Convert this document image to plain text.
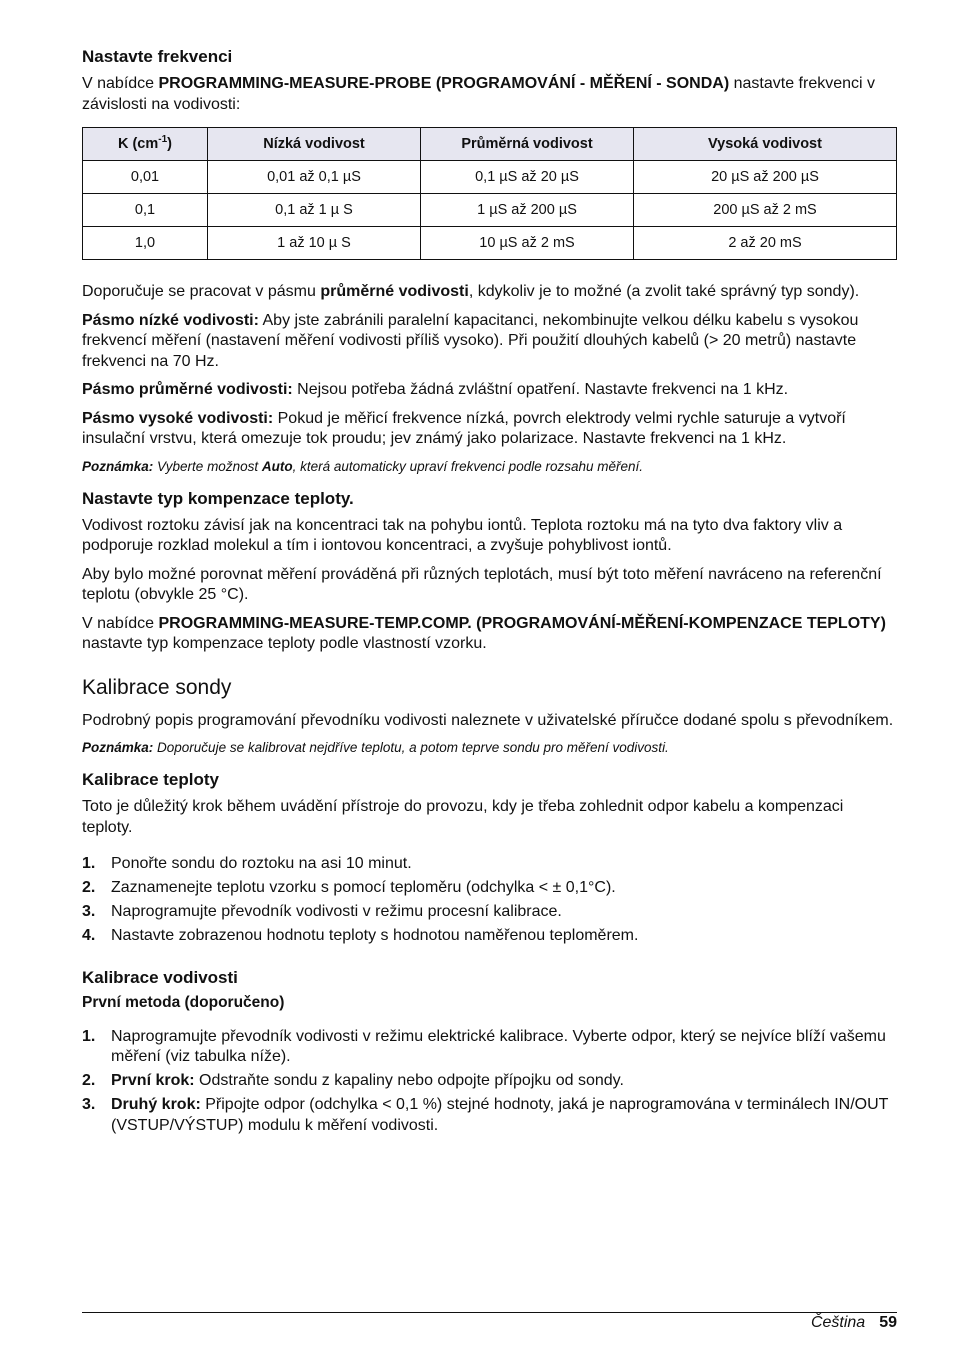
Nastavte frekvenci

V nabídce PROGRAMMING-MEASURE-PROBE (PROGRAMOVÁNÍ - MĚŘENÍ - SONDA) nastavte frekvenci v závislosti na vodivosti:

K $(cm^{-1})$	Nízká vodivost	Průměrná vodivost	Vysoká vodivost
0,01	0,01 až 0,1 µS	0,1 µS až 20 µS	20 µS až 200 µS
0,1	0,1 až 1 µ S	1 µS až 200 µS	200 µS až 2 mS
1,0	1 až 10 µ S	10 µS až 2 mS	2 až 20 mS

Doporučuje se pracovat v pásmu průměrné vodivosti, kdykoliv je to možné (a zvolit také správný typ sondy).

Pásmo nízké vodivosti: Aby jste zabránili paralelní kapacitanci, nekombinujte velkou délku kabelu s vysokou frekvencí měření (nastavení měření vodivosti příliš vysoko). Při použití dlouhých kabelů (> 20 metrů) nastavte frekvenci na 70 Hz.

Pásmo průměrné vodivosti: Nejsou potřeba žádná zvláštní opatření. Nastavte frekvenci na 1 kHz.

Pásmo vysoké vodivosti: Pokud je měřicí frekvence nízká, povrch elektrody velmi rychle saturuje a vytvoří insulační vrstvu, která omezuje tok proudu; jev známý jako polarizace. Nastavte frekvenci na 1 kHz.

Poznámka: Vyberte možnost Auto, která automaticky upraví frekvenci podle rozsahu měření.

Nastavte typ kompenzace teploty.

Vodivost roztoku závisí jak na koncentraci tak na pohybu iontů. Teplota roztoku má na tyto dva faktory vliv a podporuje rozklad molekul a tím i iontovou koncentraci, a zvyšuje pohyblivost iontů.

Aby bylo možné porovnat měření prováděná při různých teplotách, musí být toto měření navráceno na referenční teplotu (obvykle 25 °C).

V nabídce PROGRAMMING-MEASURE-TEMP.COMP. (PROGRAMOVÁNÍ-MĚŘENÍ-KOMPENZACE TEPLOTY) nastavte typ kompenzace teploty podle vlastností vzorku.

Kalibrace sondy

Podrobný popis programování převodníku vodivosti naleznete v uživatelské příručce dodané spolu s převodníkem.

Poznámka: Doporučuje se kalibrovat nejdříve teplotu, a potom teprve sondu pro měření vodivosti.

Kalibrace teploty

Toto je důležitý krok během uvádění přístroje do provozu, kdy je třeba zohlednit odpor kabelu a kompenzaci teploty.

1. Ponořte sondu do roztoku na asi 10 minut.
2. Zaznamenejte teplotu vzorku s pomocí teploměru (odchylka < ± 0,1°C).
3. Naprogramujte převodník vodivosti v režimu procesní kalibrace.
4. Nastavte zobrazenou hodnotu teploty s hodnotou naměřenou teploměrem.
Kalibrace vodivosti
První metoda (doporučeno)
1. Naprogramujte převodník vodivosti v režimu elektrické kalibrace. Vyberte odpor, který se nejvíce blíží vašemu měření (viz tabulka níže).
2. První krok: Odstraňte sondu z kapaliny nebo odpojte přípojku od sondy.
3. Druhý krok: Připojte odpor (odchylka < 0,1 %) stejné hodnoty, jaká je naprogramována v terminálech IN/OUT (VSTUP/VÝSTUP) modulu k měření vodivosti.
Čeština 59
